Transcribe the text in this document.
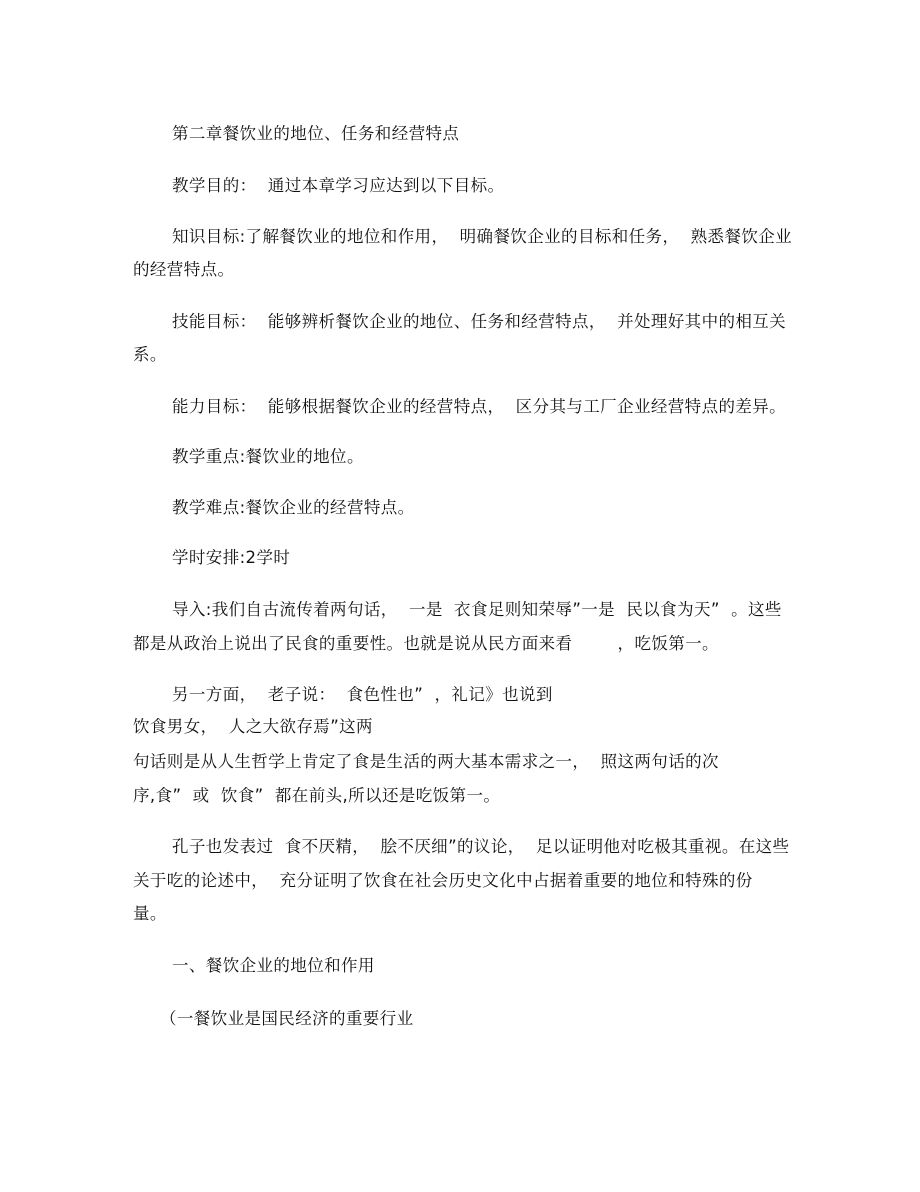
第二章餐饮业的地位、任务和经营特点
教学目的：  通过本章学习应达到以下目标。
知识目标:了解餐饮业的地位和作用，  明确餐饮企业的目标和任务，  熟悉餐饮企业
的经营特点。
技能目标：  能够辨析餐饮企业的地位、任务和经营特点，  并处理好其中的相互关
系。
能力目标：  能够根据餐饮企业的经营特点，  区分其与工厂企业经营特点的差异。
教学重点:餐饮业的地位。
教学难点:餐饮企业的经营特点。
学时安排:2学时
导入:我们自古流传着两句话，  一是  衣食足则知荣辱”一是  民以食为天”  。这些
都是从政治上说出了民食的重要性。也就是说从民方面来看        ，吃饭第一。
另一方面，  老子说：  食色性也”  ，礼记》也说到
饮食男女，  人之大欲存焉”这两
句话则是从人生哲学上肯定了食是生活的两大基本需求之一，  照这两句话的次
序,食”  或  饮食”  都在前头,所以还是吃饭第一。
孔子也发表过  食不厌精，  脍不厌细”的议论，  足以证明他对吃极其重视。在这些
关于吃的论述中，  充分证明了饮食在社会历史文化中占据着重要的地位和特殊的份
量。
一、餐饮企业的地位和作用
（一餐饮业是国民经济的重要行业
